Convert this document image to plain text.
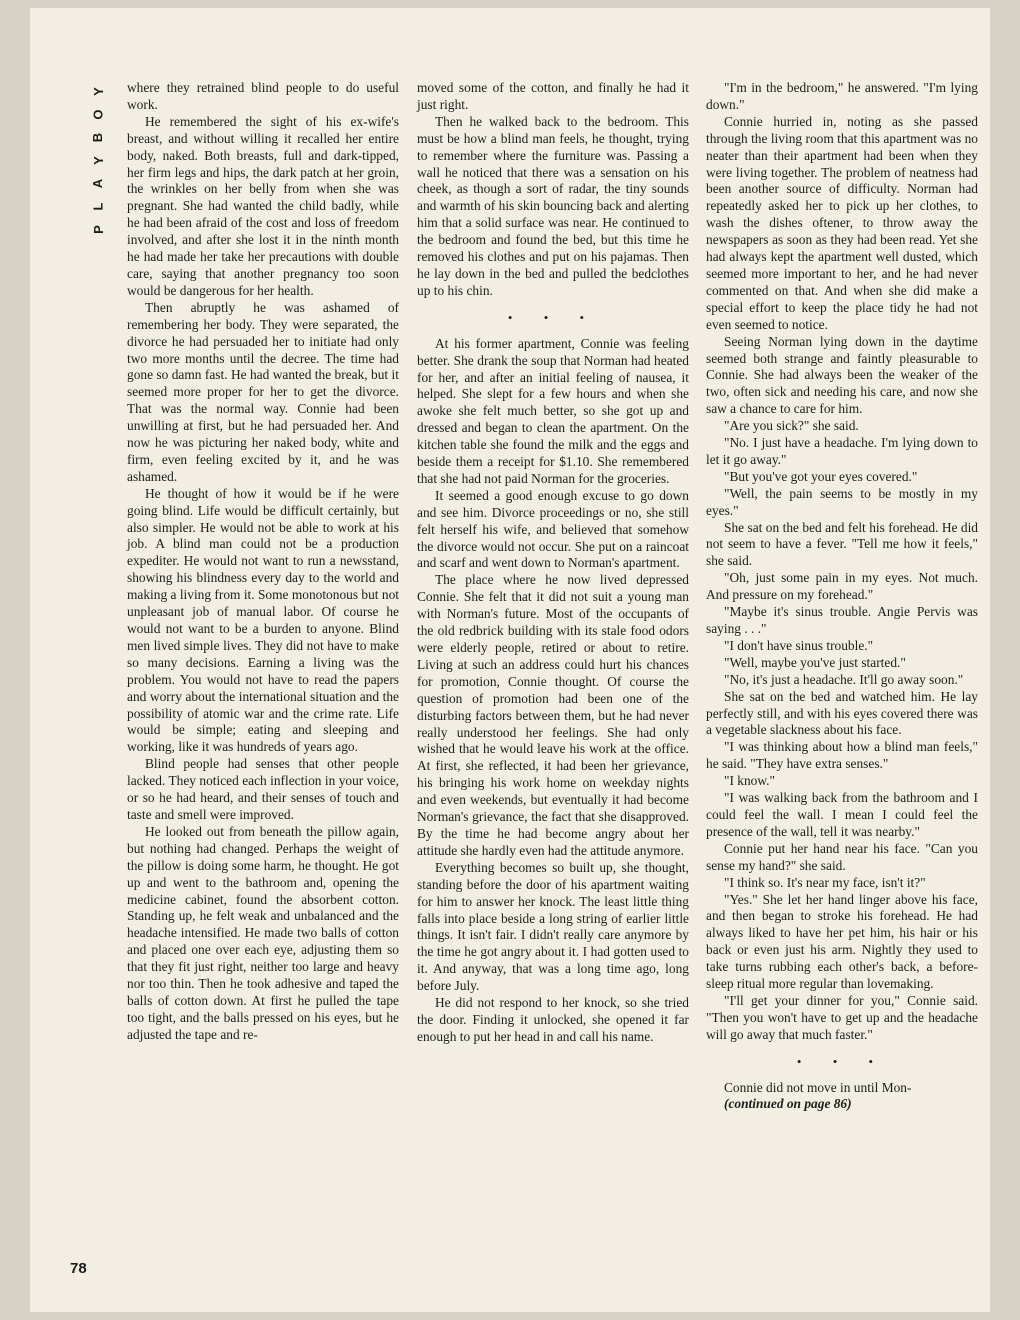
Y
O
B
Y
A
L
P

where they retrained blind people to do useful work.

He remembered the sight of his ex-wife's breast, and without willing it recalled her entire body, naked. Both breasts, full and dark-tipped, her firm legs and hips, the dark patch at her groin, the wrinkles on her belly from when she was pregnant. She had wanted the child badly, while he had been afraid of the cost and loss of freedom involved, and after she lost it in the ninth month he had made her take her precautions with double care, saying that another pregnancy too soon would be dangerous for her health.

Then abruptly he was ashamed of remembering her body. They were separated, the divorce he had persuaded her to initiate had only two more months until the decree. The time had gone so damn fast. He had wanted the break, but it seemed more proper for her to get the divorce. That was the normal way. Connie had been unwilling at first, but he had persuaded her. And now he was picturing her naked body, white and firm, even feeling excited by it, and he was ashamed.

He thought of how it would be if he were going blind. Life would be difficult certainly, but also simpler. He would not be able to work at his job. A blind man could not be a production expediter. He would not want to run a newsstand, showing his blindness every day to the world and making a living from it. Some monotonous but not unpleasant job of manual labor. Of course he would not want to be a burden to anyone. Blind men lived simple lives. They did not have to make so many decisions. Earning a living was the problem. You would not have to read the papers and worry about the international situation and the possibility of atomic war and the crime rate. Life would be simple; eating and sleeping and working, like it was hundreds of years ago.

Blind people had senses that other people lacked. They noticed each inflection in your voice, or so he had heard, and their senses of touch and taste and smell were improved.

He looked out from beneath the pillow again, but nothing had changed. Perhaps the weight of the pillow is doing some harm, he thought. He got up and went to the bathroom and, opening the medicine cabinet, found the absorbent cotton. Standing up, he felt weak and unbalanced and the headache intensified. He made two balls of cotton and placed one over each eye, adjusting them so that they fit just right, neither too large and heavy nor too thin. Then he took adhesive and taped the balls of cotton down. At first he pulled the tape too tight, and the balls pressed on his eyes, but he adjusted the tape and re-

moved some of the cotton, and finally he had it just right.

Then he walked back to the bedroom. This must be how a blind man feels, he thought, trying to remember where the furniture was. Passing a wall he noticed that there was a sensation on his cheek, as though a sort of radar, the tiny sounds and warmth of his skin bouncing back and alerting him that a solid surface was near. He continued to the bedroom and found the bed, but this time he removed his clothes and put on his pajamas. Then he lay down in the bed and pulled the bedclothes up to his chin.

• • •

At his former apartment, Connie was feeling better. She drank the soup that Norman had heated for her, and after an initial feeling of nausea, it helped. She slept for a few hours and when she awoke she felt much better, so she got up and dressed and began to clean the apartment. On the kitchen table she found the milk and the eggs and beside them a receipt for $1.10. She remembered that she had not paid Norman for the groceries.

It seemed a good enough excuse to go down and see him. Divorce proceedings or no, she still felt herself his wife, and believed that somehow the divorce would not occur. She put on a raincoat and scarf and went down to Norman's apartment.

The place where he now lived depressed Connie. She felt that it did not suit a young man with Norman's future. Most of the occupants of the old redbrick building with its stale food odors were elderly people, retired or about to retire. Living at such an address could hurt his chances for promotion, Connie thought. Of course the question of promotion had been one of the disturbing factors between them, but he had never really understood her feelings. She had only wished that he would leave his work at the office. At first, she reflected, it had been her grievance, his bringing his work home on weekday nights and even weekends, but eventually it had become Norman's grievance, the fact that she disapproved. By the time he had become angry about her attitude she hardly even had the attitude anymore.

Everything becomes so built up, she thought, standing before the door of his apartment waiting for him to answer her knock. The least little thing falls into place beside a long string of earlier little things. It isn't fair. I didn't really care anymore by the time he got angry about it. I had gotten used to it. And anyway, that was a long time ago, long before July.

He did not respond to her knock, so she tried the door. Finding it unlocked, she opened it far enough to put her head in and call his name.

"I'm in the bedroom," he answered. "I'm lying down."

Connie hurried in, noting as she passed through the living room that this apartment was no neater than their apartment had been when they were living together. The problem of neatness had been another source of difficulty. Norman had repeatedly asked her to pick up her clothes, to wash the dishes oftener, to throw away the newspapers as soon as they had been read. Yet she had always kept the apartment well dusted, which seemed more important to her, and he had never commented on that. And when she did make a special effort to keep the place tidy he had not even seemed to notice.

Seeing Norman lying down in the daytime seemed both strange and faintly pleasurable to Connie. She had always been the weaker of the two, often sick and needing his care, and now she saw a chance to care for him.

"Are you sick?" she said.

"No. I just have a headache. I'm lying down to let it go away."

"But you've got your eyes covered."

"Well, the pain seems to be mostly in my eyes."

She sat on the bed and felt his forehead. He did not seem to have a fever. "Tell me how it feels," she said.

"Oh, just some pain in my eyes. Not much. And pressure on my forehead."

"Maybe it's sinus trouble. Angie Pervis was saying . . ."

"I don't have sinus trouble."

"Well, maybe you've just started."

"No, it's just a headache. It'll go away soon."

She sat on the bed and watched him. He lay perfectly still, and with his eyes covered there was a vegetable slackness about his face.

"I was thinking about how a blind man feels," he said. "They have extra senses."

"I know."

"I was walking back from the bathroom and I could feel the wall. I mean I could feel the presence of the wall, tell it was nearby."

Connie put her hand near his face. "Can you sense my hand?" she said.

"I think so. It's near my face, isn't it?"

"Yes." She let her hand linger above his face, and then began to stroke his forehead. He had always liked to have her pet him, his hair or his back or even just his arm. Nightly they used to take turns rubbing each other's back, a before-sleep ritual more regular than lovemaking.

"I'll get your dinner for you," Connie said. "Then you won't have to get up and the headache will go away that much faster."

• • •

Connie did not move in until Mon-

(continued on page 86)

78
